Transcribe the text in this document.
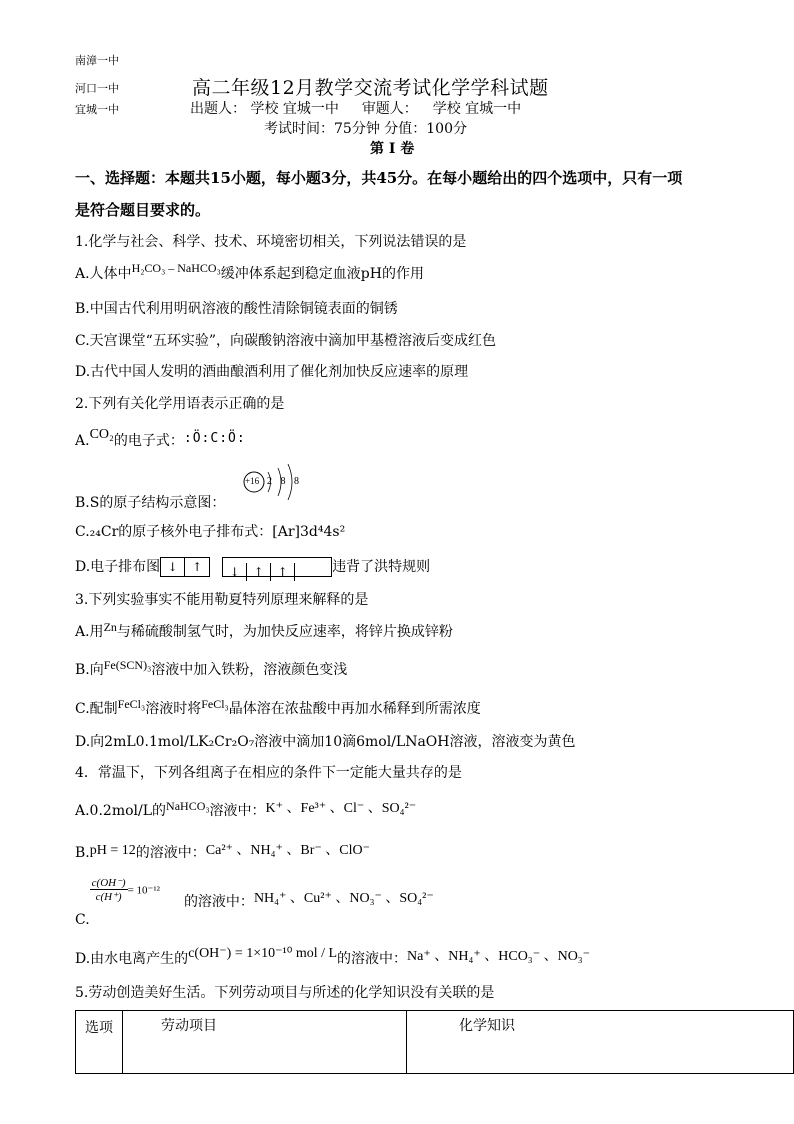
南漳一中
河口一中
宜城一中
高二年级12月教学交流考试化学学科试题
出题人： 学校 宜城一中 审题人： 学校 宜城一中
考试时间：75分钟 分值：100分
第 I 卷
一、选择题：本题共15小题，每小题3分，共45分。在每小题给出的四个选项中，只有一项
是符合题目要求的。
1.化学与社会、科学、技术、环境密切相关，下列说法错误的是
A.人体中H₂CO₃ – NaHCO₃缓冲体系起到稳定血液pH的作用
B.中国古代利用明矾溶液的酸性清除铜镜表面的铜锈
C.天宫课堂“五环实验”，向碳酸钠溶液中滴加甲基橙溶液后变成红色
D.古代中国人发明的酒曲酿酒利用了催化剂加快反应速率的原理
2.下列有关化学用语表示正确的是
A.CO₂的电子式：:Ö:C:Ö:
B.S的原子结构示意图：
+16 2 8 8
C.₂₄Cr的原子核外电子排布式：[Ar]3d⁴4s²
D.电子排布图 ↓ ↑ ↓ ↑ ↑	违背了洪特规则
3.下列实验事实不能用勒夏特列原理来解释的是
A.用Zn与稀硫酸制氢气时，为加快反应速率，将锌片换成锌粉
B.向Fe(SCN)₃溶液中加入铁粉，溶液颜色变浅
C.配制FeCl₃溶液时将FeCl₃晶体溶在浓盐酸中再加水稀释到所需浓度
D.向2mL0.1mol/LK₂Cr₂O₇溶液中滴加10滴6mol/LNaOH溶液，溶液变为黄色
4．常温下，下列各组离子在相应的条件下一定能大量共存的是
A.0.2mol/L的NaHCO₃溶液中：K⁺ 、Fe³⁺ 、Cl⁻ 、SO₄²⁻
B.pH = 12的溶液中：Ca²⁺ 、NH₄⁺ 、Br⁻ 、ClO⁻
C.
$\frac{c(OH^-)}{c(H^+)} = 10^{-12}$的溶液中：NH₄⁺ 、Cu²⁺ 、NO₃⁻ 、SO₄²⁻
D.由水电离产生的c(OH⁻) = 1×10⁻¹⁰ mol / L的溶液中：Na⁺ 、NH₄⁺ 、HCO₃⁻ 、NO₃⁻
5.劳动创造美好生活。下列劳动项目与所述的化学知识没有关联的是
选项	劳动项目	化学知识
